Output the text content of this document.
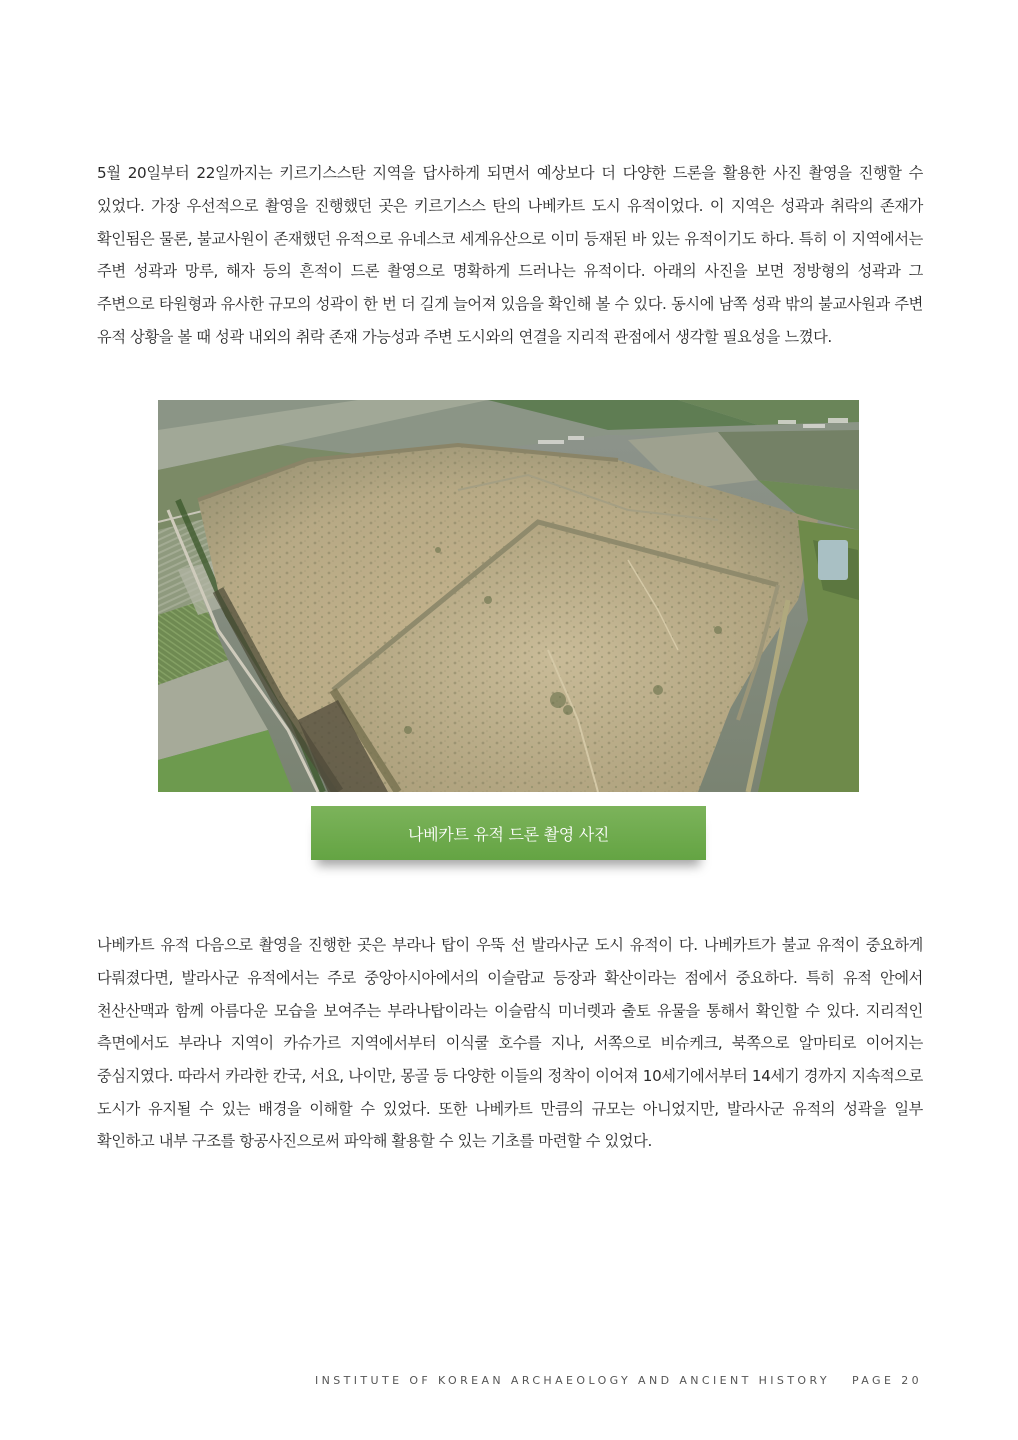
5월 20일부터 22일까지는 키르기스스탄 지역을 답사하게 되면서 예상보다 더 다양한 드론을 활용한 사진 촬영을 진행할 수 있었다. 가장 우선적으로 촬영을 진행했던 곳은 키르기스스 탄의 나베카트 도시 유적이었다. 이 지역은 성곽과 취락의 존재가 확인됨은 물론, 불교사원이 존재했던 유적으로 유네스코 세계유산으로 이미 등재된 바 있는 유적이기도 하다. 특히 이 지역에서는 주변 성곽과 망루, 해자 등의 흔적이 드론 촬영으로 명확하게 드러나는 유적이다. 아래의 사진을 보면 정방형의 성곽과 그 주변으로 타원형과 유사한 규모의 성곽이 한 번 더 길게 늘어져 있음을 확인해 볼 수 있다. 동시에 남쪽 성곽 밖의 불교사원과 주변 유적 상황을 볼 때 성곽 내외의 취락 존재 가능성과 주변 도시와의 연결을 지리적 관점에서 생각할 필요성을 느꼈다.

나베카트 유적 드론 촬영 사진

나베카트 유적 다음으로 촬영을 진행한 곳은 부라나 탑이 우뚝 선 발라사군 도시 유적이 다. 나베카트가 불교 유적이 중요하게 다뤄졌다면, 발라사군 유적에서는 주로 중앙아시아에서의 이슬람교 등장과 확산이라는 점에서 중요하다. 특히 유적 안에서 천산산맥과 함께 아름다운 모습을 보여주는 부라나탑이라는 이슬람식 미너렛과 출토 유물을 통해서 확인할 수 있다. 지리적인 측면에서도 부라나 지역이 카슈가르 지역에서부터 이식쿨 호수를 지나, 서쪽으로 비슈케크, 북쪽으로 알마티로 이어지는 중심지였다. 따라서 카라한 칸국, 서요, 나이만, 몽골 등 다양한 이들의 정착이 이어져 10세기에서부터 14세기 경까지 지속적으로 도시가 유지될 수 있는 배경을 이해할 수 있었다. 또한 나베카트 만큼의 규모는 아니었지만, 발라사군 유적의 성곽을 일부 확인하고 내부 구조를 항공사진으로써 파악해 활용할 수 있는 기초를 마련할 수 있었다.

INSTITUTE OF KOREAN ARCHAEOLOGY AND ANCIENT HISTORY PAGE 20
